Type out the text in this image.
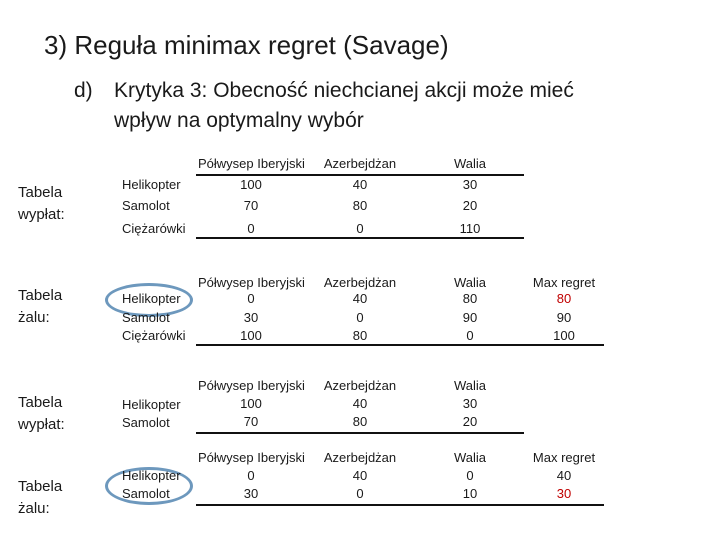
3) Reguła minimax regret (Savage)
d) Krytyka 3: Obecność niechcianej akcji może mieć
wpływ na optymalny wybór
Tabela
wypłat:
Półwysep Iberyjski	Azerbejdżan	Walia
Helikopter	100	40	30
Samolot	70	80	20
Ciężarówki	0	0	110
Tabela
żalu:
Półwysep Iberyjski	Azerbejdżan	Walia	Max regret
Helikopter	0	40	80	80
Samolot	30	0	90	90
Ciężarówki	100	80	0	100
Tabela
wypłat:
Półwysep Iberyjski	Azerbejdżan	Walia
Helikopter	100	40	30
Samolot	70	80	20
Tabela
żalu:
Półwysep Iberyjski	Azerbejdżan	Walia	Max regret
Helikopter	0	40	0	40
Samolot	30	0	10	30
